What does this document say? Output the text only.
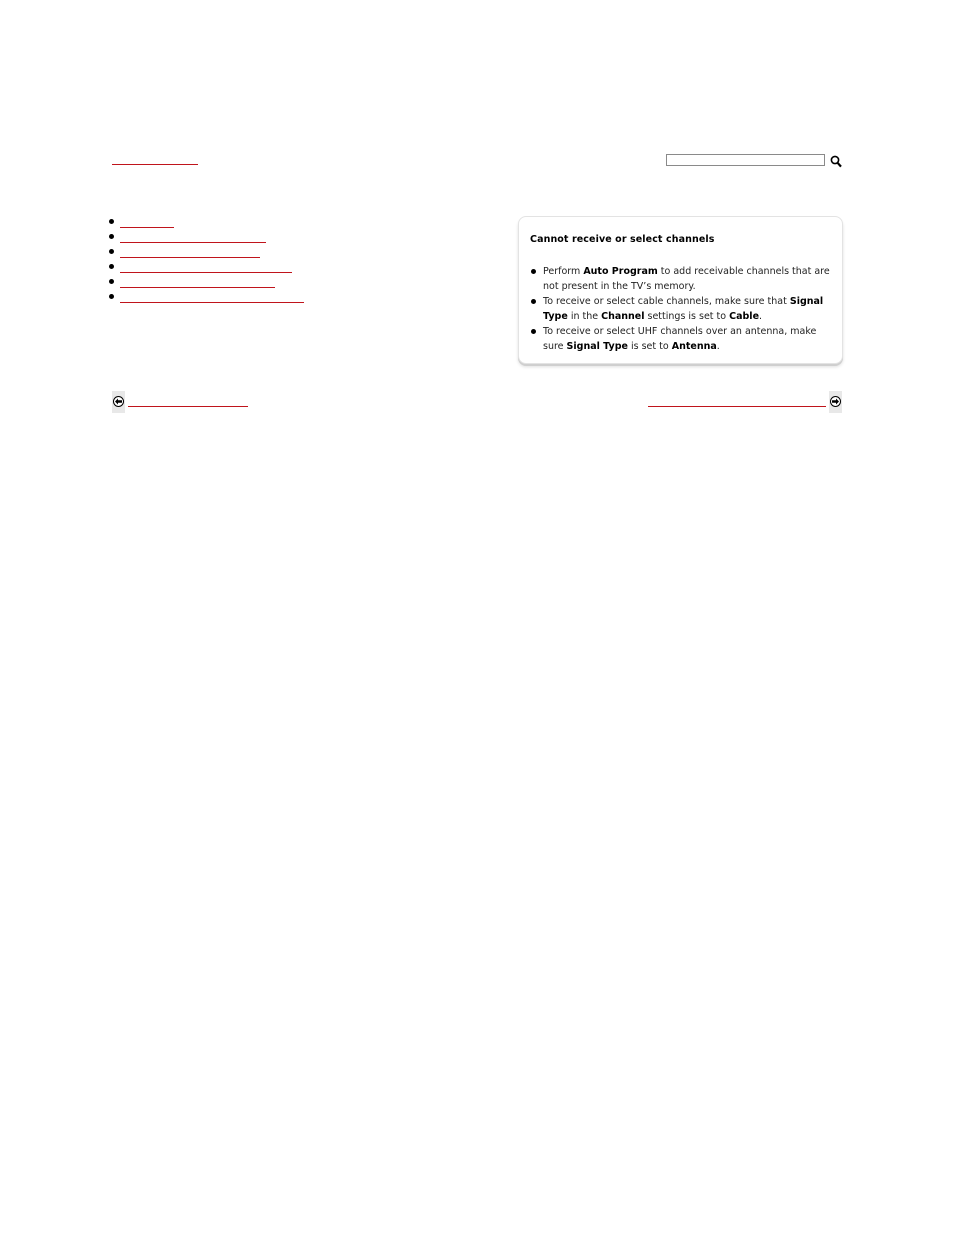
Cannot receive or select channels
Perform Auto Program to add receivable channels that are not present in the TV’s memory.
To receive or select cable channels, make sure that Signal Type in the Channel settings is set to Cable.
To receive or select UHF channels over an antenna, make sure Signal Type is set to Antenna.
